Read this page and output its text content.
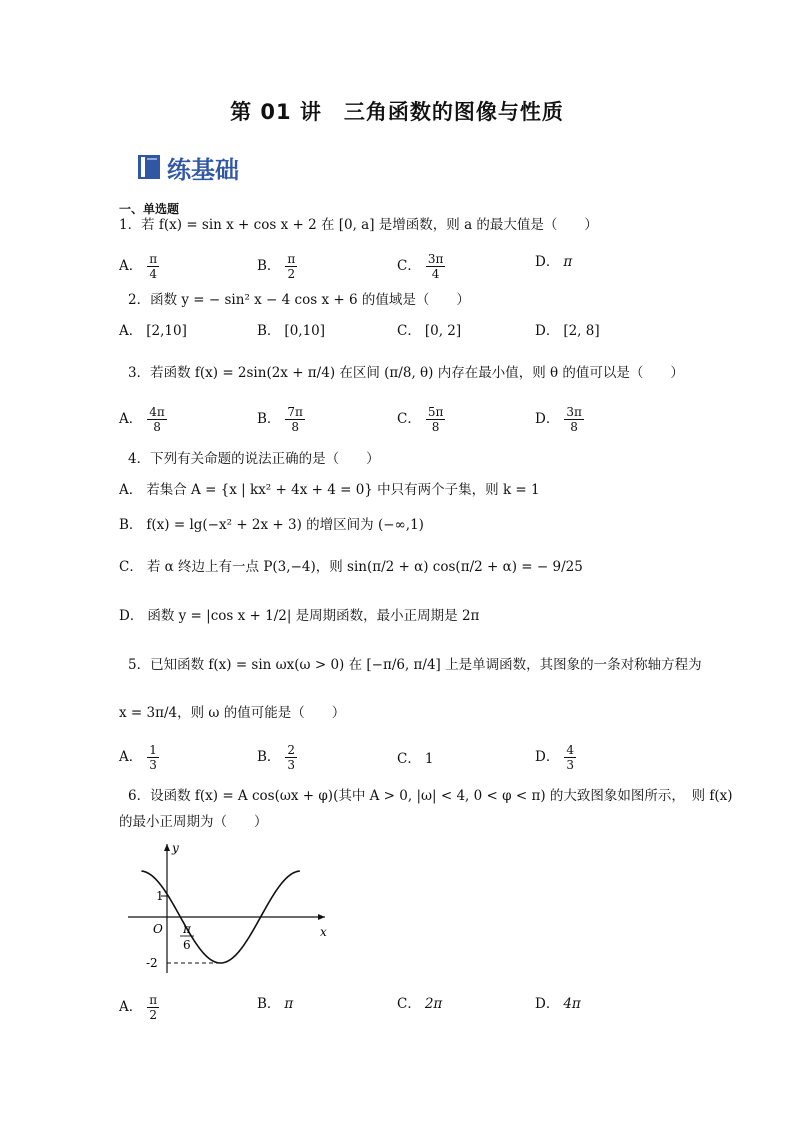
第 01 讲　三角函数的图像与性质
练基础
一、单选题
1．若 f(x) = sin x + cos x + 2 在 [0, a] 是增函数，则 a 的最大值是（　　）
A． $\frac{\pi}{4}$	B． $\frac{\pi}{2}$	C． $\frac{3\pi}{4}$	D． π
2．函数 y = − sin² x − 4 cos x + 6 的值域是（　　）
A． [2,10]	B． [0,10]	C． [0, 2]	D． [2, 8]
3．若函数 f(x) = 2sin(2x + π/4) 在区间 (π/8, θ) 内存在最小值，则 θ 的值可以是（　　）
A． $\frac{4\pi}{8}$	B． $\frac{7\pi}{8}$	C． $\frac{5\pi}{8}$	D． $\frac{3\pi}{8}$
4．下列有关命题的说法正确的是（　　）
A． 若集合 A = {x | kx² + 4x + 4 = 0} 中只有两个子集，则 k = 1
B． f(x) = lg(−x² + 2x + 3) 的增区间为 (−∞,1)
C． 若 α 终边上有一点 P(3,−4)，则 sin(π/2 + α) cos(π/2 + α) = − 9/25
D． 函数 y = |cos x + 1/2| 是周期函数，最小正周期是 2π
5．已知函数 f(x) = sin ωx(ω > 0) 在 [−π/6, π/4] 上是单调函数，其图象的一条对称轴方程为
x = 3π/4，则 ω 的值可能是（　　）
A． $\frac{1}{3}$	B． $\frac{2}{3}$	C． 1	D． $\frac{4}{3}$
6．设函数 f(x) = A cos(ωx + φ)(其中 A > 0, |ω| < 4, 0 < φ < π) 的大致图象如图所示，　则 f(x)
的最小正周期为（　　）
x
y
O
1
-2
π
6
A． $\frac{\pi}{2}$	B． π	C． 2π	D． 4π
